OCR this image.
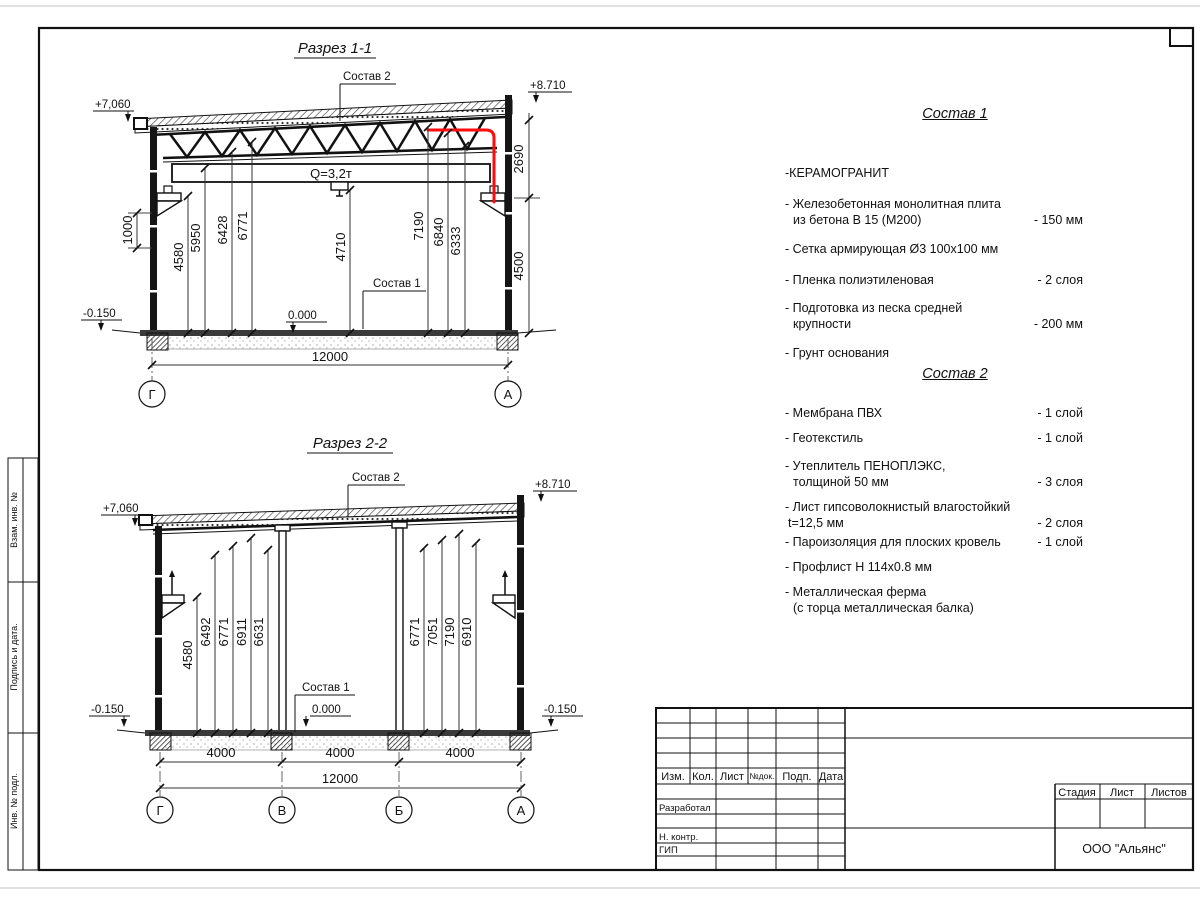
Взам. инв. №
Подпись и дата.
Инв. № подл.	Изм. Кол. Лист №док. Подп. Дата
Разработал
Н. контр.
ГИП
Стадия Лист Листов
ООО "Альянс"
Разрез 1-1
Q=3,2т
+7,060
+8.710
-0.150	0.000
Состав 2
Состав 1
4580
5950 6428 6771
4710
7190 6840 6333
1000
2690
4500
12000
Г	А
Разрез 2-2
Состав 2
+8.710
+7,060
Состав 1
0.000
-0.150	-0.150
4580
6492 6771 6911 6631	6771 7051 7190 6910
4000	4000	4000
12000
Г	В	Б	А
Состав 1
-КЕРАМОГРАНИТ
- Железобетонная монолитная плита
из бетона В 15 (М200)	- 150 мм
- Сетка армирующая Ø3 100x100 мм
- Пленка полиэтиленовая	- 2 слоя
- Подготовка из песка средней
крупности	- 200 мм
- Грунт основания
Состав 2
- Мембрана ПВХ	- 1 слой
- Геотекстиль	- 1 слой
- Утеплитель ПЕНОПЛЭКС,
толщиной 50 мм	- 3 слоя
- Лист гипсоволокнистый влагостойкий
t=12,5 мм	- 2 слоя
- Пароизоляция для плоских кровель	- 1 слой
- Профлист Н 114x0.8 мм
- Металлическая ферма
(с торца металлическая балка)
